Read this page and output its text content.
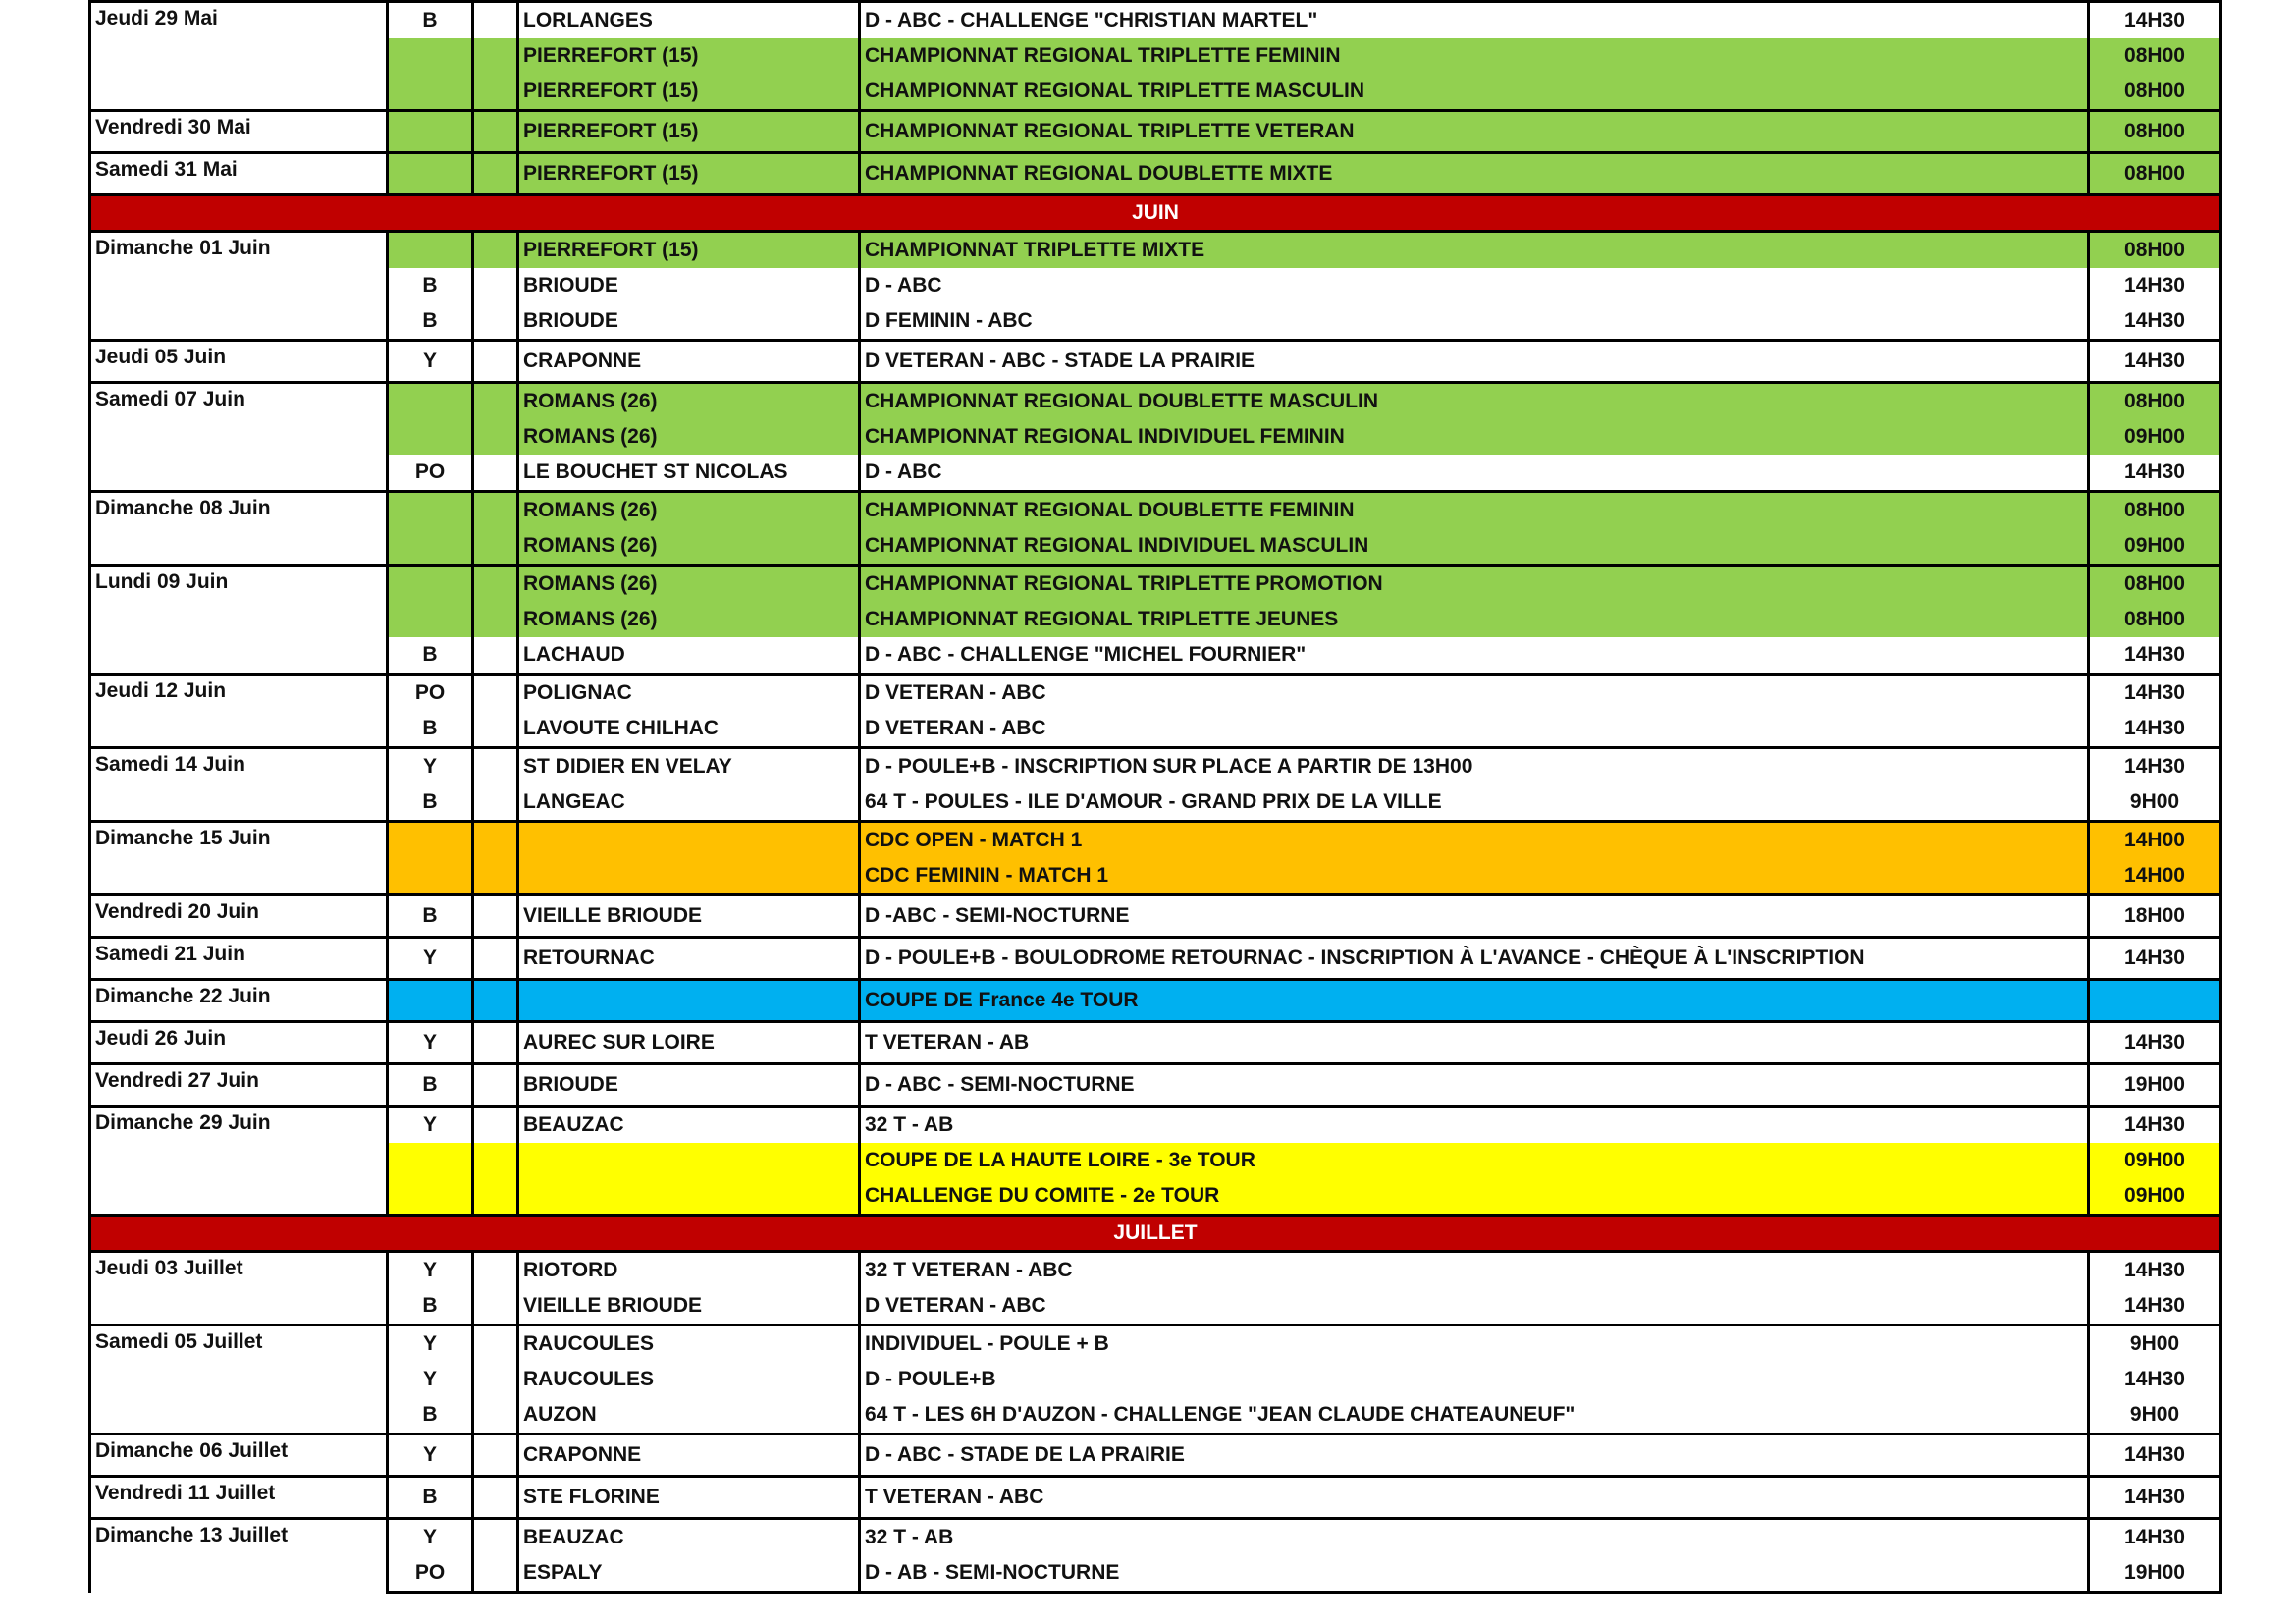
Jeudi 29 Mai	B		LORLANGES	D - ABC - CHALLENGE "CHRISTIAN MARTEL"	14H30
			PIERREFORT (15)	CHAMPIONNAT REGIONAL TRIPLETTE FEMININ	08H00
			PIERREFORT (15)	CHAMPIONNAT REGIONAL TRIPLETTE MASCULIN	08H00
Vendredi 30 Mai			PIERREFORT (15)	CHAMPIONNAT REGIONAL TRIPLETTE VETERAN	08H00
Samedi 31 Mai			PIERREFORT (15)	CHAMPIONNAT REGIONAL DOUBLETTE MIXTE	08H00
JUIN					
Dimanche 01 Juin			PIERREFORT (15)	CHAMPIONNAT TRIPLETTE MIXTE	08H00
	B		BRIOUDE	D - ABC	14H30
	B		BRIOUDE	D FEMININ - ABC	14H30
Jeudi 05 Juin	Y		CRAPONNE	D VETERAN - ABC - STADE LA PRAIRIE	14H30
Samedi 07 Juin			ROMANS (26)	CHAMPIONNAT REGIONAL DOUBLETTE MASCULIN	08H00
			ROMANS (26)	CHAMPIONNAT REGIONAL INDIVIDUEL FEMININ	09H00
	PO		LE BOUCHET ST NICOLAS	D - ABC	14H30
Dimanche 08 Juin			ROMANS (26)	CHAMPIONNAT REGIONAL DOUBLETTE FEMININ	08H00
			ROMANS (26)	CHAMPIONNAT REGIONAL INDIVIDUEL MASCULIN	09H00
Lundi 09 Juin			ROMANS (26)	CHAMPIONNAT REGIONAL TRIPLETTE PROMOTION	08H00
			ROMANS (26)	CHAMPIONNAT REGIONAL TRIPLETTE JEUNES	08H00
	B		LACHAUD	D - ABC - CHALLENGE "MICHEL FOURNIER"	14H30
Jeudi 12 Juin	PO		POLIGNAC	D VETERAN - ABC	14H30
	B		LAVOUTE CHILHAC	D VETERAN - ABC	14H30
Samedi 14 Juin	Y		ST DIDIER EN VELAY	D - POULE+B - INSCRIPTION SUR PLACE A PARTIR DE 13H00	14H30
	B		LANGEAC	64 T - POULES - ILE D'AMOUR - GRAND PRIX DE LA VILLE	9H00
Dimanche 15 Juin				CDC OPEN - MATCH 1	14H00
				CDC FEMININ - MATCH 1	14H00
Vendredi 20 Juin	B		VIEILLE BRIOUDE	D -ABC - SEMI-NOCTURNE	18H00
Samedi 21 Juin	Y		RETOURNAC	D - POULE+B - BOULODROME RETOURNAC - INSCRIPTION À L'AVANCE - CHÈQUE À L'INSCRIPTION	14H30
Dimanche 22 Juin				COUPE DE France 4e TOUR	
Jeudi 26 Juin	Y		AUREC SUR LOIRE	T VETERAN - AB	14H30
Vendredi 27 Juin	B		BRIOUDE	D - ABC - SEMI-NOCTURNE	19H00
Dimanche 29 Juin	Y		BEAUZAC	32 T - AB	14H30
				COUPE DE LA HAUTE LOIRE - 3e TOUR	09H00
				CHALLENGE DU COMITE - 2e TOUR	09H00
JUILLET					
Jeudi 03 Juillet	Y		RIOTORD	32 T VETERAN - ABC	14H30
	B		VIEILLE BRIOUDE	D VETERAN - ABC	14H30
Samedi 05 Juillet	Y		RAUCOULES	INDIVIDUEL - POULE + B	9H00
	Y		RAUCOULES	D - POULE+B	14H30
	B		AUZON	64 T - LES 6H D'AUZON - CHALLENGE "JEAN CLAUDE CHATEAUNEUF"	9H00
Dimanche 06 Juillet	Y		CRAPONNE	D - ABC - STADE DE LA PRAIRIE	14H30
Vendredi 11 Juillet	B		STE FLORINE	T VETERAN - ABC	14H30
Dimanche 13 Juillet	Y		BEAUZAC	32 T - AB	14H30
	PO		ESPALY	D - AB - SEMI-NOCTURNE	19H00
